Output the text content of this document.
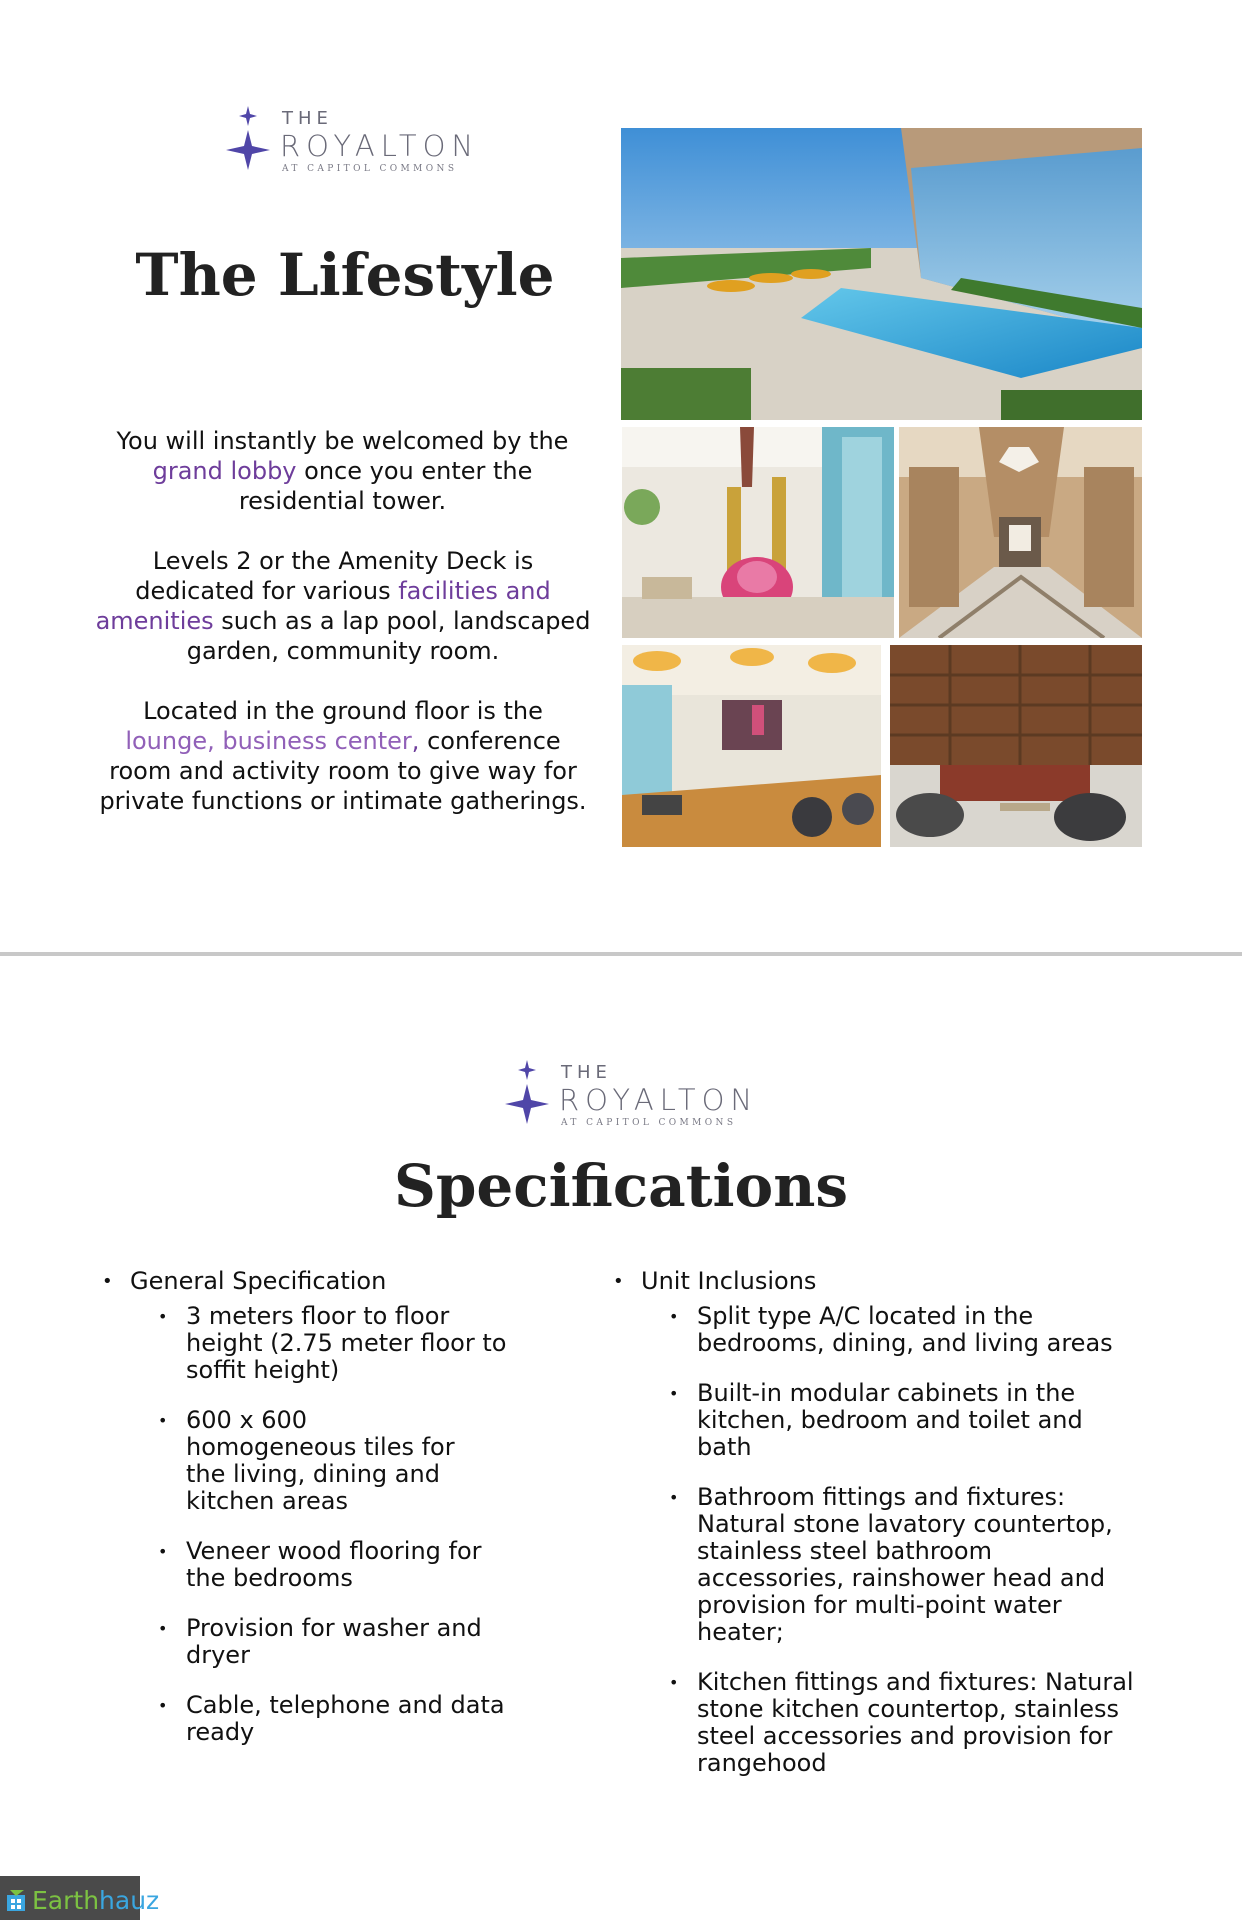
THE
ROYALTON
AT CAPITOL COMMONS
The Lifestyle
You will instantly be welcomed by the
grand lobby once you enter the residential tower.
Levels 2 or the Amenity Deck is dedicated for various facilities and amenities such as a lap pool, landscaped garden, community room.
Located in the ground floor is the
lounge, business center, conference room and activity room to give way for private functions or intimate gatherings.
THE
ROYALTON
AT CAPITOL COMMONS
Specifications
• General Specification
• 3 meters floor to floor height (2.75 meter floor to soffit height)
• 600 x 600 homogeneous tiles for the living, dining and kitchen areas
• Veneer wood flooring for the bedrooms
• Provision for washer and dryer
• Cable, telephone and data ready
• Unit Inclusions
• Split type A/C located in the bedrooms, dining, and living areas
• Built-in modular cabinets in the kitchen, bedroom and toilet and bath
• Bathroom fittings and fixtures: Natural stone lavatory countertop, stainless steel bathroom accessories, rainshower head and provision for multi-point water heater;
• Kitchen fittings and fixtures: Natural stone kitchen countertop, stainless steel accessories and provision for rangehood
Earthhauz
